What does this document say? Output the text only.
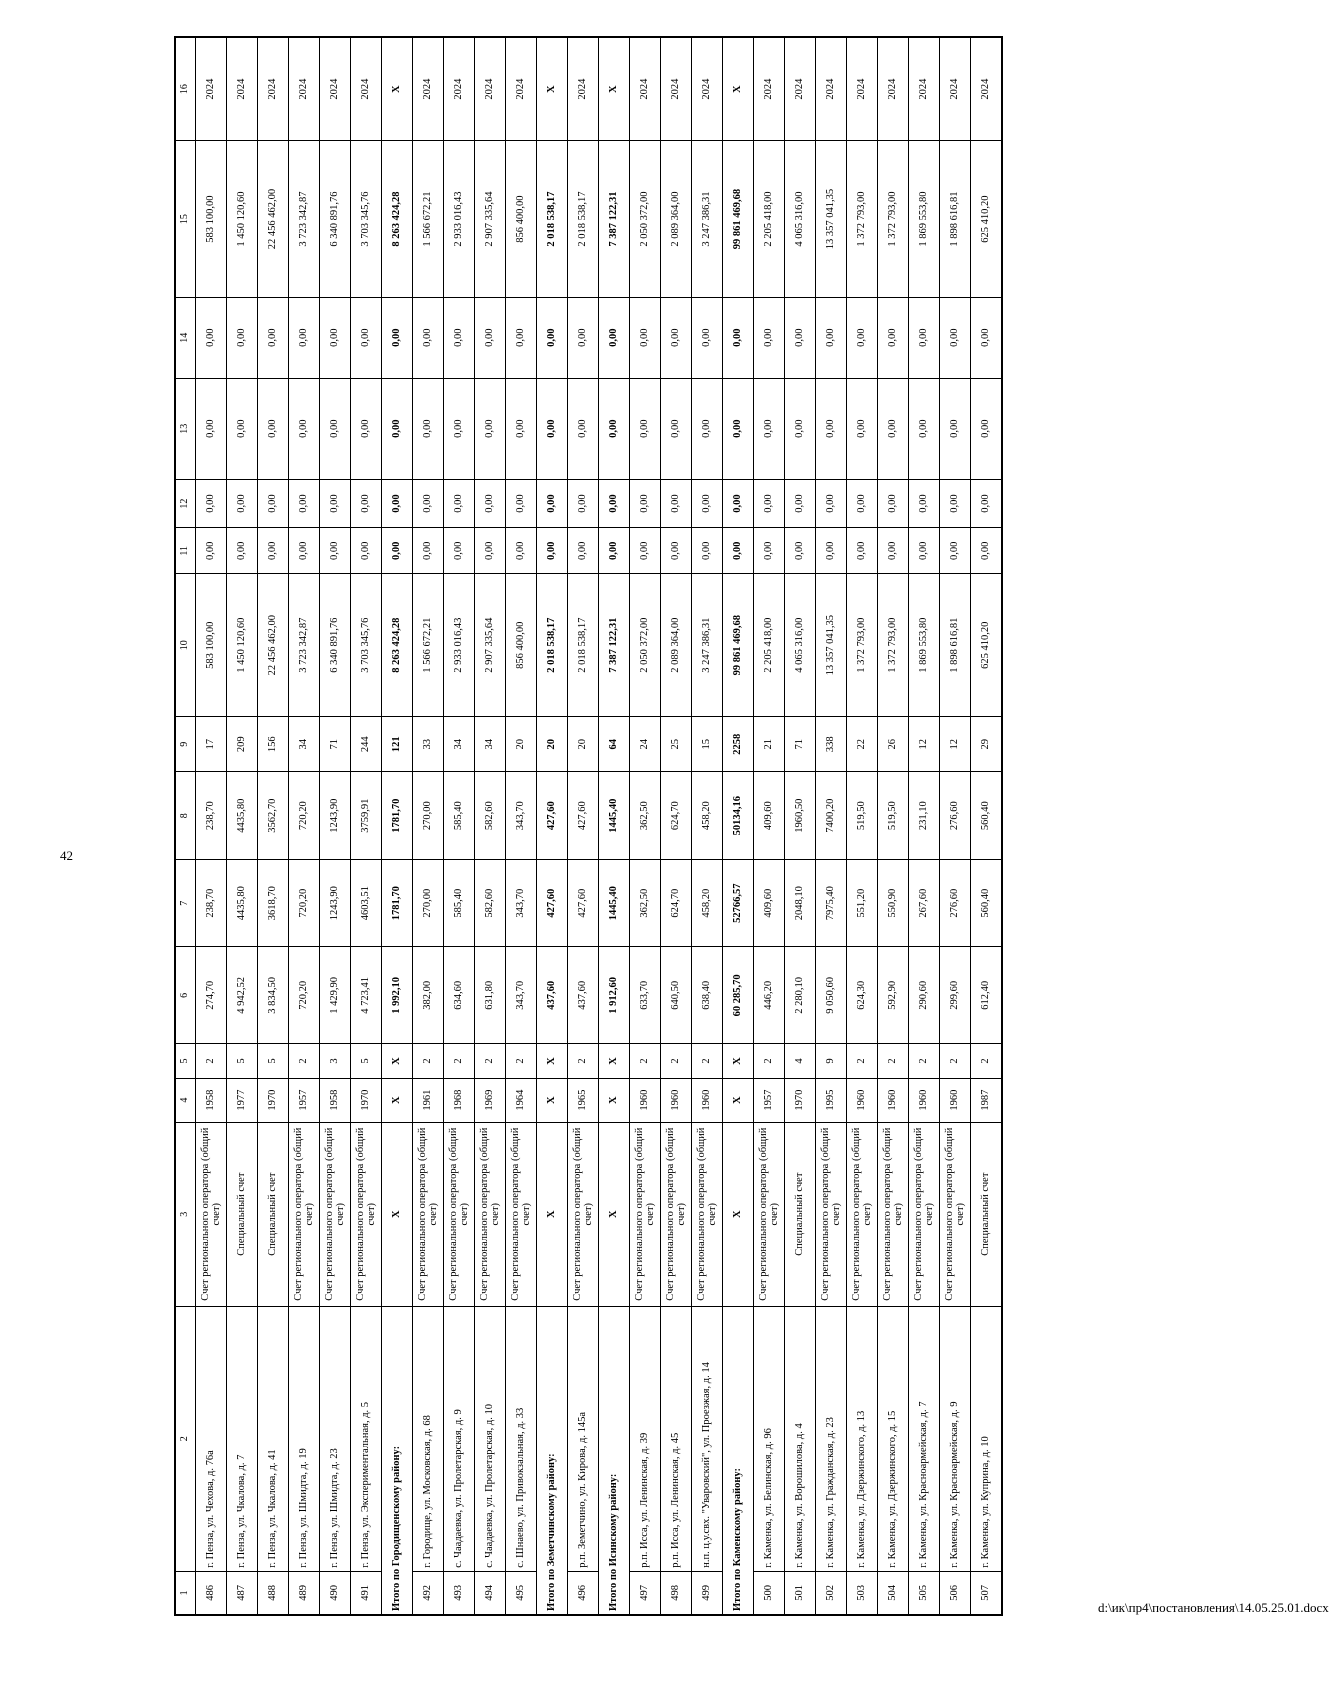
42
1	2	3	4	5	6	7	8	9	10	11	12	13	14	15	16
486	г. Пенза, ул. Чехова, д. 76а	Счет регионального оператора (общий счет)	1958	2	274,70	238,70	238,70	17	583 100,00	0,00	0,00	0,00	0,00	583 100,00	2024
487	г. Пенза, ул. Чкалова, д. 7	Специальный счет	1977	5	4 942,52	4435,80	4435,80	209	1 450 120,60	0,00	0,00	0,00	0,00	1 450 120,60	2024
488	г. Пенза, ул. Чкалова, д. 41	Специальный счет	1970	5	3 834,50	3618,70	3562,70	156	22 456 462,00	0,00	0,00	0,00	0,00	22 456 462,00	2024
489	г. Пенза, ул. Шмидта, д. 19	Счет регионального оператора (общий счет)	1957	2	720,20	720,20	720,20	34	3 723 342,87	0,00	0,00	0,00	0,00	3 723 342,87	2024
490	г. Пенза, ул. Шмидта, д. 23	Счет регионального оператора (общий счет)	1958	3	1 429,90	1243,90	1243,90	71	6 340 891,76	0,00	0,00	0,00	0,00	6 340 891,76	2024
491	г. Пенза, ул. Экспериментальная, д. 5	Счет регионального оператора (общий счет)	1970	5	4 723,41	4603,51	3759,91	244	3 703 345,76	0,00	0,00	0,00	0,00	3 703 345,76	2024
Итого по Городищенскому району:		Х	Х	Х	1 992,10	1781,70	1781,70	121	8 263 424,28	0,00	0,00	0,00	0,00	8 263 424,28	Х
492	г. Городище, ул. Московская, д. 68	Счет регионального оператора (общий счет)	1961	2	382,00	270,00	270,00	33	1 566 672,21	0,00	0,00	0,00	0,00	1 566 672,21	2024
493	с. Чаадаевка, ул. Пролетарская, д. 9	Счет регионального оператора (общий счет)	1968	2	634,60	585,40	585,40	34	2 933 016,43	0,00	0,00	0,00	0,00	2 933 016,43	2024
494	с. Чаадаевка, ул. Пролетарская, д. 10	Счет регионального оператора (общий счет)	1969	2	631,80	582,60	582,60	34	2 907 335,64	0,00	0,00	0,00	0,00	2 907 335,64	2024
495	с. Шнаево, ул. Привокзальная, д. 33	Счет регионального оператора (общий счет)	1964	2	343,70	343,70	343,70	20	856 400,00	0,00	0,00	0,00	0,00	856 400,00	2024
Итого по Земетчинскому району:		Х	Х	Х	437,60	427,60	427,60	20	2 018 538,17	0,00	0,00	0,00	0,00	2 018 538,17	Х
496	р.п. Земетчино, ул. Кирова, д. 145а	Счет регионального оператора (общий счет)	1965	2	437,60	427,60	427,60	20	2 018 538,17	0,00	0,00	0,00	0,00	2 018 538,17	2024
Итого по Исинскому району:		Х	Х	Х	1 912,60	1445,40	1445,40	64	7 387 122,31	0,00	0,00	0,00	0,00	7 387 122,31	Х
497	р.п. Исса, ул. Ленинская, д. 39	Счет регионального оператора (общий счет)	1960	2	633,70	362,50	362,50	24	2 050 372,00	0,00	0,00	0,00	0,00	2 050 372,00	2024
498	р.п. Исса, ул. Ленинская, д. 45	Счет регионального оператора (общий счет)	1960	2	640,50	624,70	624,70	25	2 089 364,00	0,00	0,00	0,00	0,00	2 089 364,00	2024
499	н.п. ц.у.свх. "Уваровский", ул. Проезжая, д. 14	Счет регионального оператора (общий счет)	1960	2	638,40	458,20	458,20	15	3 247 386,31	0,00	0,00	0,00	0,00	3 247 386,31	2024
Итого по Каменскому району:		Х	Х	Х	60 285,70	52766,57	50134,16	2258	99 861 469,68	0,00	0,00	0,00	0,00	99 861 469,68	Х
500	г. Каменка, ул. Белинская, д. 96	Счет регионального оператора (общий счет)	1957	2	446,20	409,60	409,60	21	2 205 418,00	0,00	0,00	0,00	0,00	2 205 418,00	2024
501	г. Каменка, ул. Ворошилова, д. 4	Специальный счет	1970	4	2 280,10	2048,10	1960,50	71	4 065 316,00	0,00	0,00	0,00	0,00	4 065 316,00	2024
502	г. Каменка, ул. Гражданская, д. 23	Счет регионального оператора (общий счет)	1995	9	9 050,60	7975,40	7400,20	338	13 357 041,35	0,00	0,00	0,00	0,00	13 357 041,35	2024
503	г. Каменка, ул. Дзержинского, д. 13	Счет регионального оператора (общий счет)	1960	2	624,30	551,20	519,50	22	1 372 793,00	0,00	0,00	0,00	0,00	1 372 793,00	2024
504	г. Каменка, ул. Дзержинского, д. 15	Счет регионального оператора (общий счет)	1960	2	592,90	550,90	519,50	26	1 372 793,00	0,00	0,00	0,00	0,00	1 372 793,00	2024
505	г. Каменка, ул. Красноармейская, д. 7	Счет регионального оператора (общий счет)	1960	2	290,60	267,60	231,10	12	1 869 553,80	0,00	0,00	0,00	0,00	1 869 553,80	2024
506	г. Каменка, ул. Красноармейская, д. 9	Счет регионального оператора (общий счет)	1960	2	299,60	276,60	276,60	12	1 898 616,81	0,00	0,00	0,00	0,00	1 898 616,81	2024
507	г. Каменка, ул. Куприна, д. 10	Специальный счет	1987	2	612,40	560,40	560,40	29	625 410,20	0,00	0,00	0,00	0,00	625 410,20	2024
d:\ик\пр4\постановления\14.05.25.01.docx
